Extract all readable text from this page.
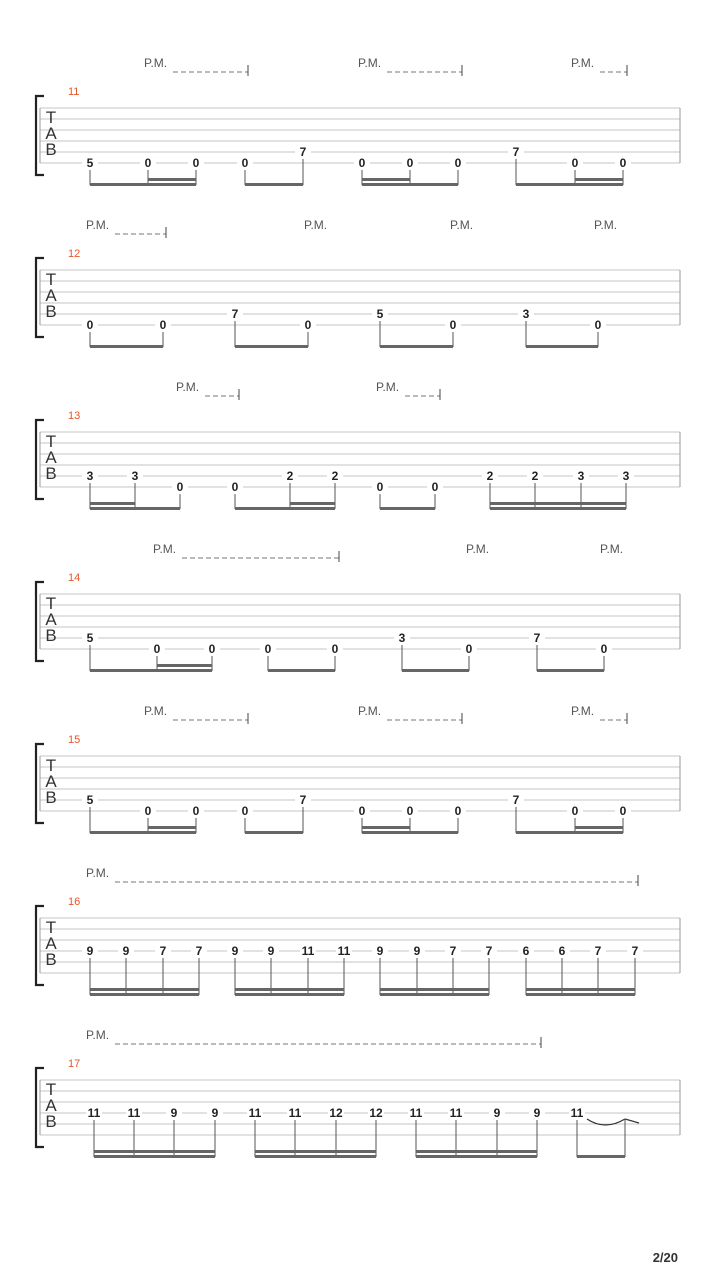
T
A
B
11
P.M.	P.M.	P.M.
5	0	0	0
7
0	0	0
7
0	0
T
A
B
12
P.M.	P.M.	P.M.	P.M.
0	0
7
0
5
0
3
0
T
A
B
13
P.M.	P.M.
3	3
0	0
2	2
0	0
2	2	3	3
T
A
B
14
P.M.	P.M.	P.M.
5
0	0	0	0
3
0
7
0
T
A
B
15
P.M.	P.M.	P.M.
5
0	0	0
7
0	0	0
7
0	0
T
A
B
16
P.M.
9 9	7 7 9 9 11 11 9	9 7 7	6 6 7	7
T
A
B
17
P.M.
11 11	9	9	11 11 12 12 11 11	9	9	11
2/20
